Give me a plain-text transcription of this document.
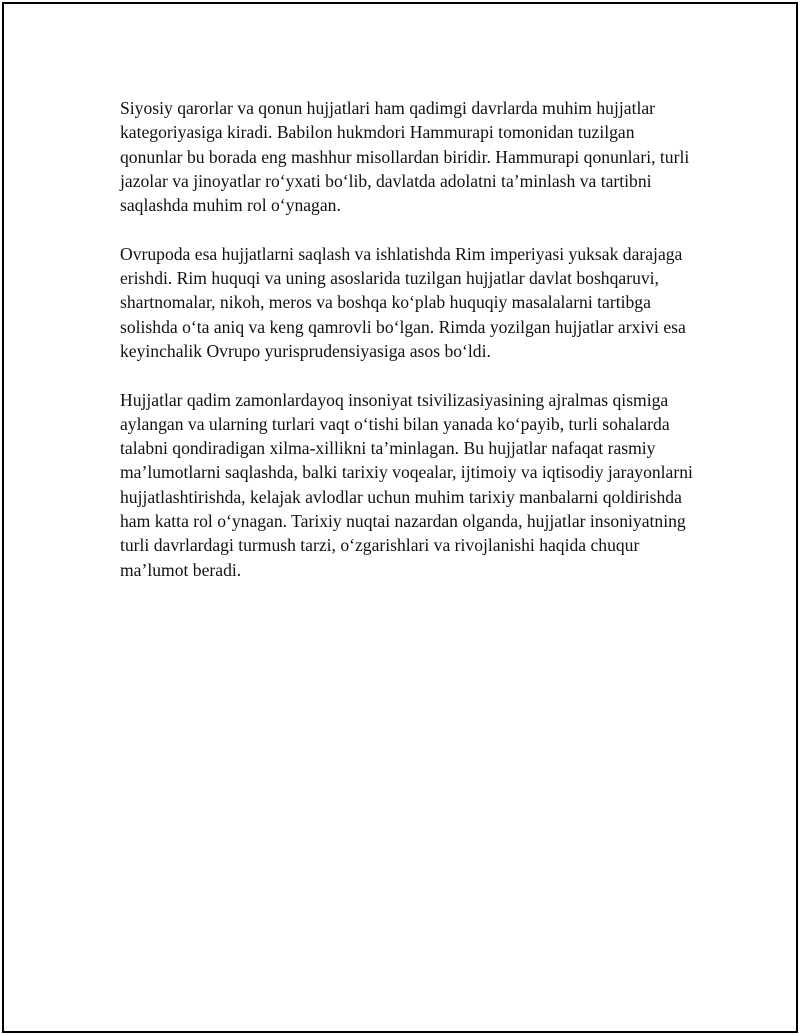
Siyosiy qarorlar va qonun hujjatlari ham qadimgi davrlarda muhim hujjatlar kategoriyasiga kiradi. Babilon hukmdori Hammurapi tomonidan tuzilgan qonunlar bu borada eng mashhur misollardan biridir. Hammurapi qonunlari, turli jazolar va jinoyatlar ro‘yxati bo‘lib, davlatda adolatni ta’minlash va tartibni saqlashda muhim rol o‘ynagan.

Ovrupoda esa hujjatlarni saqlash va ishlatishda Rim imperiyasi yuksak darajaga erishdi. Rim huquqi va uning asoslarida tuzilgan hujjatlar davlat boshqaruvi, shartnomalar, nikoh, meros va boshqa ko‘plab huquqiy masalalarni tartibga solishda o‘ta aniq va keng qamrovli bo‘lgan. Rimda yozilgan hujjatlar arxivi esa keyinchalik Ovrupo yurisprudensiyasiga asos bo‘ldi.

Hujjatlar qadim zamonlardayoq insoniyat tsivilizasiyasining ajralmas qismiga aylangan va ularning turlari vaqt o‘tishi bilan yanada ko‘payib, turli sohalarda talabni qondiradigan xilma-xillikni ta’minlagan. Bu hujjatlar nafaqat rasmiy ma’lumotlarni saqlashda, balki tarixiy voqealar, ijtimoiy va iqtisodiy jarayonlarni hujjatlashtirishda, kelajak avlodlar uchun muhim tarixiy manbalarni qoldirishda ham katta rol o‘ynagan. Tarixiy nuqtai nazardan olganda, hujjatlar insoniyatning turli davrlardagi turmush tarzi, o‘zgarishlari va rivojlanishi haqida chuqur ma’lumot beradi.
